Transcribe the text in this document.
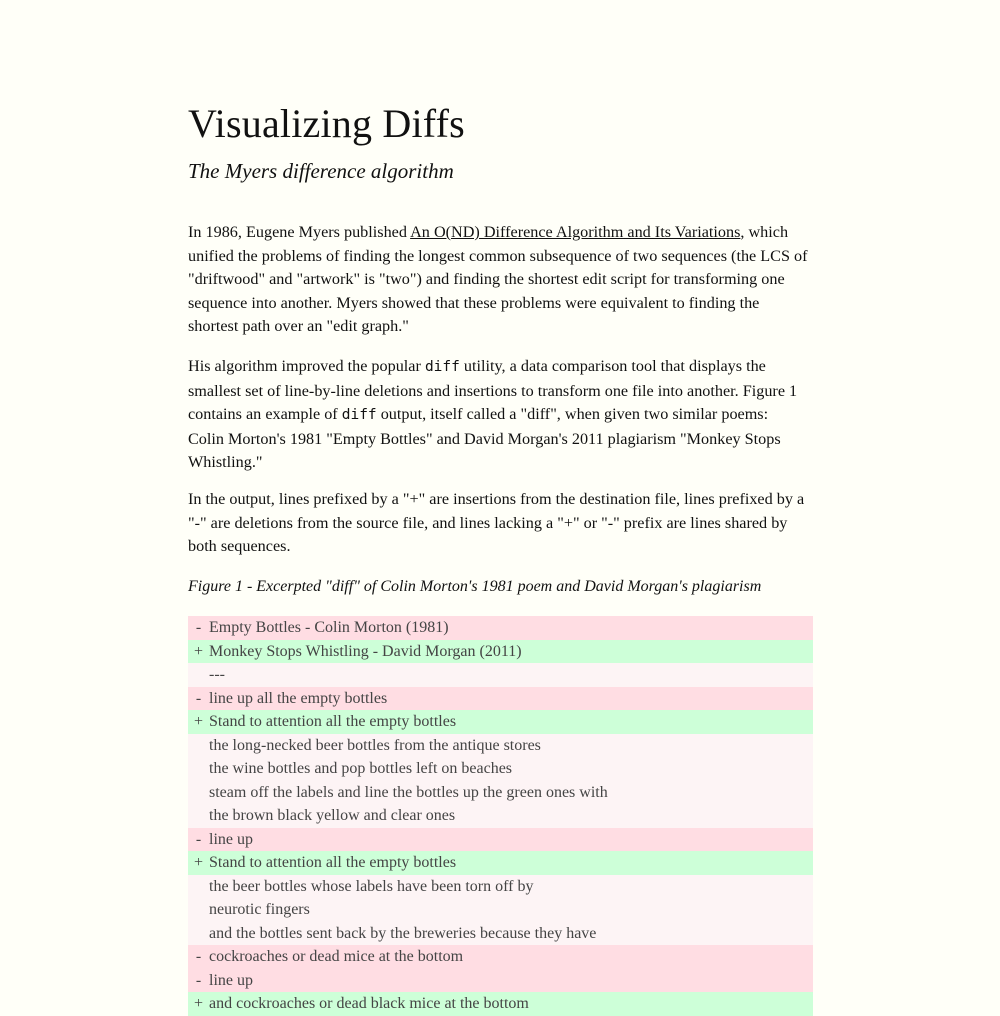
Visualizing Diffs
The Myers difference algorithm
In 1986, Eugene Myers published An O(ND) Difference Algorithm and Its Variations, which
unified the problems of finding the longest common subsequence of two sequences (the LCS of
"driftwood" and "artwork" is "two") and finding the shortest edit script for transforming one
sequence into another. Myers showed that these problems were equivalent to finding the
shortest path over an "edit graph."
His algorithm improved the popular diff utility, a data comparison tool that displays the
smallest set of line-by-line deletions and insertions to transform one file into another. Figure 1
contains an example of diff output, itself called a "diff", when given two similar poems:
Colin Morton's 1981 "Empty Bottles" and David Morgan's 2011 plagiarism "Monkey Stops
Whistling."
In the output, lines prefixed by a "+" are insertions from the destination file, lines prefixed by a
"-" are deletions from the source file, and lines lacking a "+" or "-" prefix are lines shared by
both sequences.
Figure 1 - Excerpted "diff" of Colin Morton's 1981 poem and David Morgan's plagiarism
- Empty Bottles - Colin Morton (1981)
+ Monkey Stops Whistling - David Morgan (2011)
---
- line up all the empty bottles
+ Stand to attention all the empty bottles
the long-necked beer bottles from the antique stores
the wine bottles and pop bottles left on beaches
steam off the labels and line the bottles up the green ones with
the brown black yellow and clear ones
- line up
+ Stand to attention all the empty bottles
the beer bottles whose labels have been torn off by
neurotic fingers
and the bottles sent back by the breweries because they have
- cockroaches or dead mice at the bottom
- line up
+ and cockroaches or dead black mice at the bottom
